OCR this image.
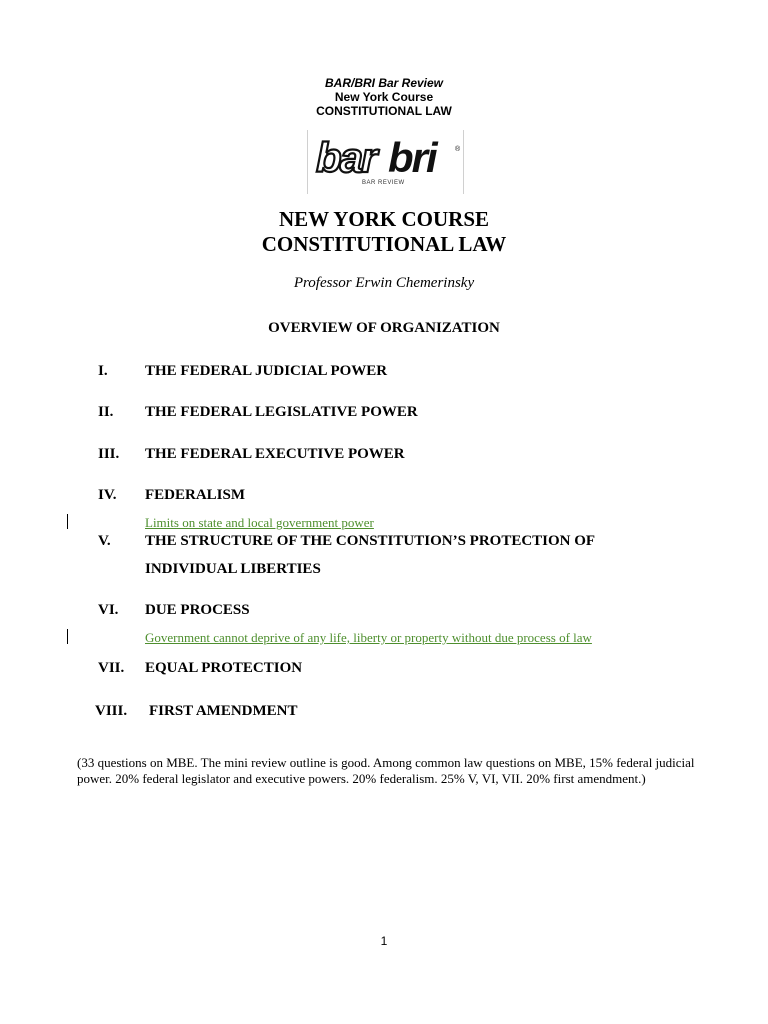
BAR/BRI Bar Review
New York Course
CONSTITUTIONAL LAW
bar bri	®
BAR REVIEW
NEW YORK COURSE
CONSTITUTIONAL LAW
Professor Erwin Chemerinsky
OVERVIEW OF ORGANIZATION
I. THE FEDERAL JUDICIAL POWER
II. THE FEDERAL LEGISLATIVE POWER
III. THE FEDERAL EXECUTIVE POWER
IV. FEDERALISM
Limits on state and local government power
V. THE STRUCTURE OF THE CONSTITUTION’S PROTECTION OF
INDIVIDUAL LIBERTIES
VI. DUE PROCESS
Government cannot deprive of any life, liberty or property without due process of law
VII. EQUAL PROTECTION
VIII. FIRST AMENDMENT
(33 questions on MBE. The mini review outline is good. Among common law questions on MBE, 15% federal judicial power. 20% federal legislator and executive powers. 20% federalism. 25% V, VI, VII. 20% first amendment.)
1
